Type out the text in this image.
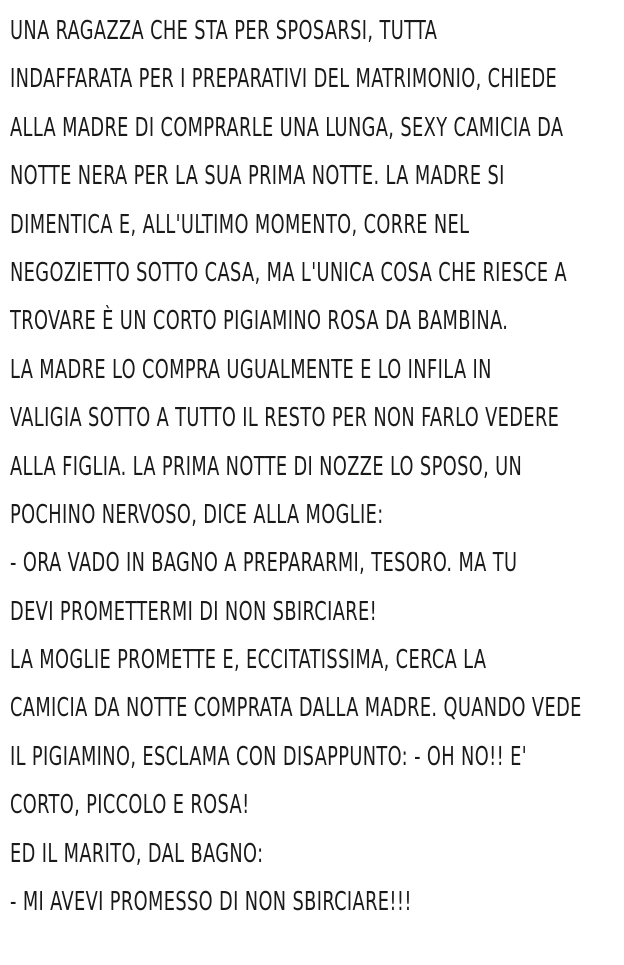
UNA RAGAZZA CHE STA PER SPOSARSI, TUTTA
INDAFFARATA PER I PREPARATIVI DEL MATRIMONIO, CHIEDE
ALLA MADRE DI COMPRARLE UNA LUNGA, SEXY CAMICIA DA
NOTTE NERA PER LA SUA PRIMA NOTTE. LA MADRE SI
DIMENTICA E, ALL'ULTIMO MOMENTO, CORRE NEL
NEGOZIETTO SOTTO CASA, MA L'UNICA COSA CHE RIESCE A
TROVARE È UN CORTO PIGIAMINO ROSA DA BAMBINA.
LA MADRE LO COMPRA UGUALMENTE E LO INFILA IN
VALIGIA SOTTO A TUTTO IL RESTO PER NON FARLO VEDERE
ALLA FIGLIA. LA PRIMA NOTTE DI NOZZE LO SPOSO, UN
POCHINO NERVOSO, DICE ALLA MOGLIE:
- ORA VADO IN BAGNO A PREPARARMI, TESORO. MA TU
DEVI PROMETTERMI DI NON SBIRCIARE!
LA MOGLIE PROMETTE E, ECCITATISSIMA, CERCA LA
CAMICIA DA NOTTE COMPRATA DALLA MADRE. QUANDO VEDE
IL PIGIAMINO, ESCLAMA CON DISAPPUNTO: - OH NO!! E'
CORTO, PICCOLO E ROSA!
ED IL MARITO, DAL BAGNO:
- MI AVEVI PROMESSO DI NON SBIRCIARE!!!
